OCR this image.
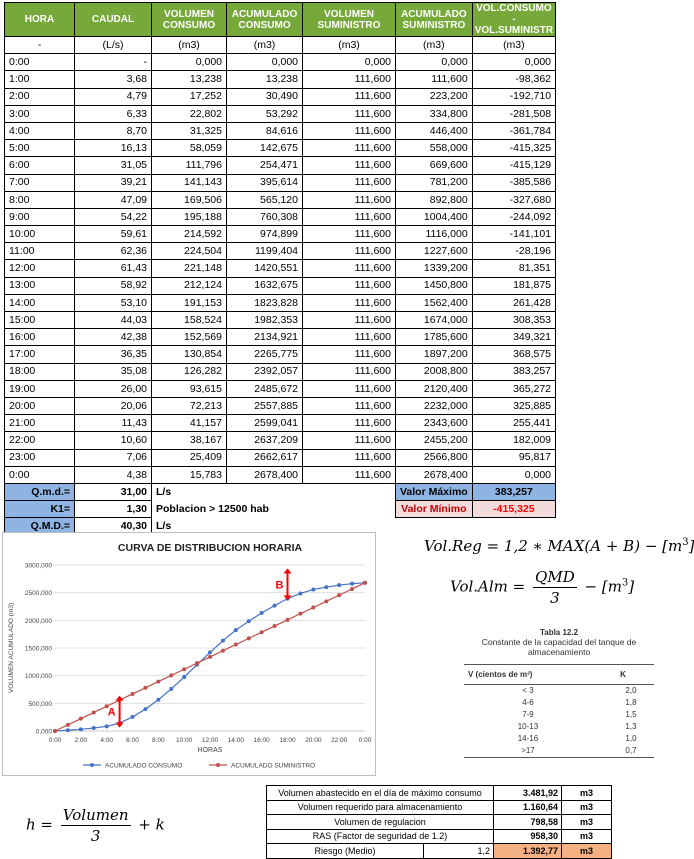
HORA	CAUDAL	VOLUMEN CONSUMO	ACUMULADO CONSUMO	VOLUMEN SUMINISTRO	ACUMULADO SUMINISTRO	VOL.CONSUMO - VOL.SUMINISTR
-	(L/s)	(m3)	(m3)	(m3)	(m3)	(m3)
0:00	-	0,000	0,000	0,000	0,000	0,000
1:00	3,68	13,238	13,238	111,600	111,600	-98,362
2:00	4,79	17,252	30,490	111,600	223,200	-192,710
3:00	6,33	22,802	53,292	111,600	334,800	-281,508
4:00	8,70	31,325	84,616	111,600	446,400	-361,784
5:00	16,13	58,059	142,675	111,600	558,000	-415,325
6:00	31,05	111,796	254,471	111,600	669,600	-415,129
7:00	39,21	141,143	395,614	111,600	781,200	-385,586
8:00	47,09	169,506	565,120	111,600	892,800	-327,680
9:00	54,22	195,188	760,308	111,600	1004,400	-244,092
10:00	59,61	214,592	974,899	111,600	1116,000	-141,101
11:00	62,36	224,504	1199,404	111,600	1227,600	-28,196
12:00	61,43	221,148	1420,551	111,600	1339,200	81,351
13:00	58,92	212,124	1632,675	111,600	1450,800	181,875
14:00	53,10	191,153	1823,828	111,600	1562,400	261,428
15:00	44,03	158,524	1982,353	111,600	1674,000	308,353
16:00	42,38	152,569	2134,921	111,600	1785,600	349,321
17:00	36,35	130,854	2265,775	111,600	1897,200	368,575
18:00	35,08	126,282	2392,057	111,600	2008,800	383,257
19:00	26,00	93,615	2485,672	111,600	2120,400	365,272
20:00	20,06	72,213	2557,885	111,600	2232,000	325,885
21:00	11,43	41,157	2599,041	111,600	2343,600	255,441
22:00	10,60	38,167	2637,209	111,600	2455,200	182,009
23:00	7,06	25,409	2662,617	111,600	2566,800	95,817
0:00	4,38	15,783	2678,400	111,600	2678,400	0,000
Q.m.d.=	31,00	L/s			Valor Máximo	383,257
K1=	1,30	Poblacion > 12500 hab			Valor Mínimo	-415,325
Q.M.D.=	40,30	L/s				
CURVA DE DISTRIBUCION HORARIA
0,000
500,000
1000,000
1500,000
2000,000
2500,000
3000,000
0:00 2:00 4:00 6:00 8:00 10:00 12:00 14:00 16:00 18:00 20:00 22:00 0:00
HORAS
VOLUMEN ACUMULADO (m3)
A
B
ACUMULADO CONSUMO	ACUMULADO SUMINISTRO
Vol.Reg = 1,2 ∗ $MAX(A + B) - [m^3]$
$Vol.Alm = \frac{\text{QMD}}{3} - [m^3]$
Tabla 12.2
Constante de la capacidad del tanque de almacenamiento
V (cientos de m³)	K
< 3	2,0
4-6	1,8
7-9	1,5
10-13	1,3
14-16	1,0
>17	0,7
$h = \frac{\text{Volumen}}{3} + k$
Volumen abastecido en el día de máximo consumo		3.481,92	m3
Volumen requerido para almacenamiento		1.160,64	m3
Volumen de regulacion		798,58	m3
RAS (Factor de seguridad de 1.2)		958,30	m3
Riesgo (Medio)	1,2	1.392,77	m3
